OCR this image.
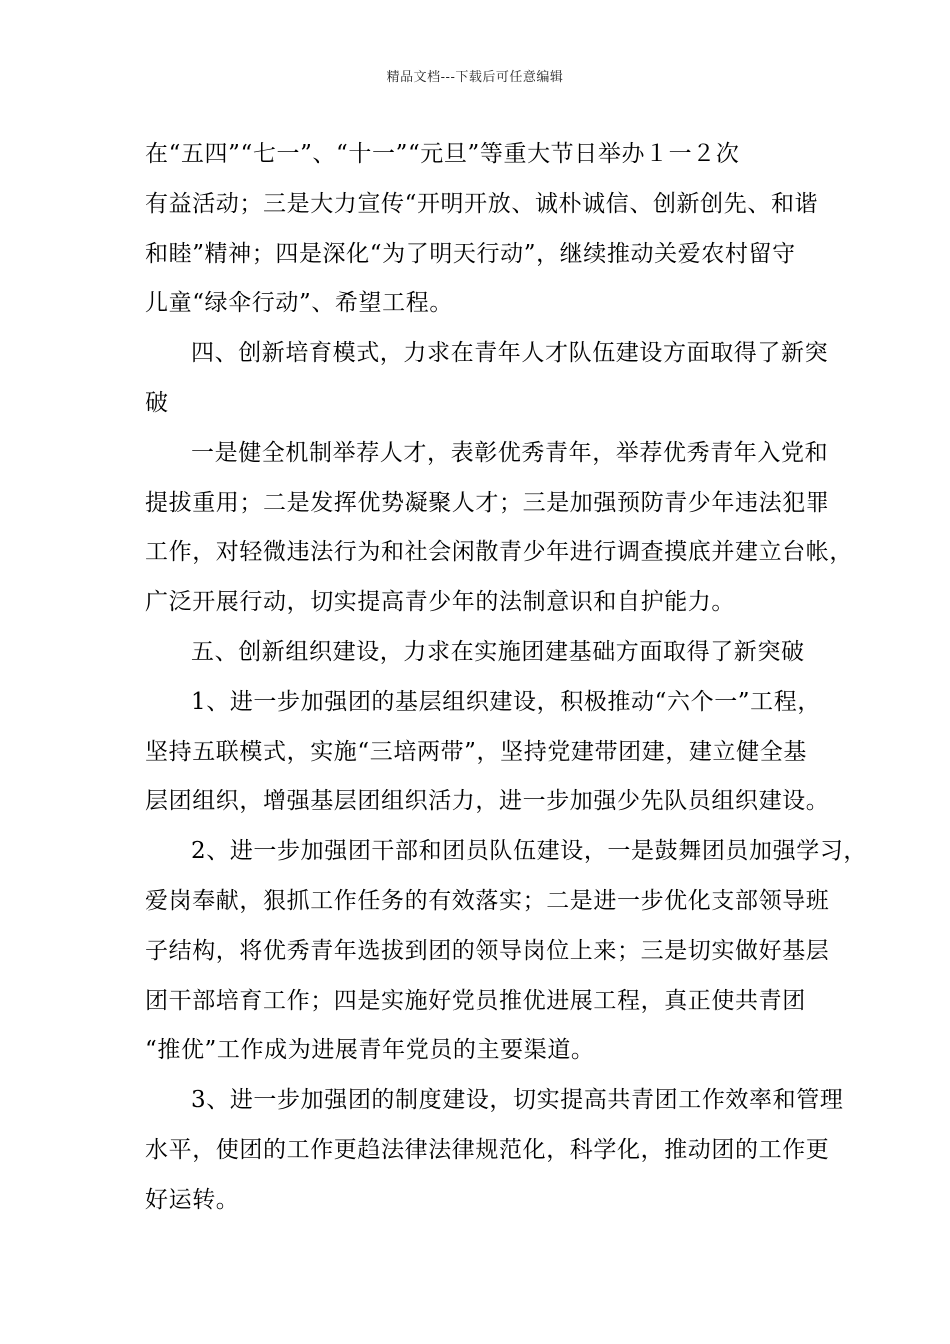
精品文档---下载后可任意编辑
在“五四”“七一”、“十一”“元旦”等重大节日举办１一２次
有益活动；三是大力宣传“开明开放、诚朴诚信、创新创先、和谐
和睦”精神；四是深化“为了明天行动”，继续推动关爱农村留守
儿童“绿伞行动”、希望工程。
四、创新培育模式，力求在青年人才队伍建设方面取得了新突
破
一是健全机制举荐人才，表彰优秀青年，举荐优秀青年入党和
提拔重用；二是发挥优势凝聚人才；三是加强预防青少年违法犯罪
工作，对轻微违法行为和社会闲散青少年进行调查摸底并建立台帐，
广泛开展行动，切实提高青少年的法制意识和自护能力。
五、创新组织建设，力求在实施团建基础方面取得了新突破
1、进一步加强团的基层组织建设，积极推动“六个一”工程，
坚持五联模式，实施“三培两带”，坚持党建带团建，建立健全基
层团组织，增强基层团组织活力，进一步加强少先队员组织建设。
2、进一步加强团干部和团员队伍建设，一是鼓舞团员加强学习，
爱岗奉献，狠抓工作任务的有效落实；二是进一步优化支部领导班
子结构，将优秀青年选拔到团的领导岗位上来；三是切实做好基层
团干部培育工作；四是实施好党员推优进展工程，真正使共青团
“推优”工作成为进展青年党员的主要渠道。
3、进一步加强团的制度建设，切实提高共青团工作效率和管理
水平，使团的工作更趋法律法律规范化，科学化，推动团的工作更
好运转。
